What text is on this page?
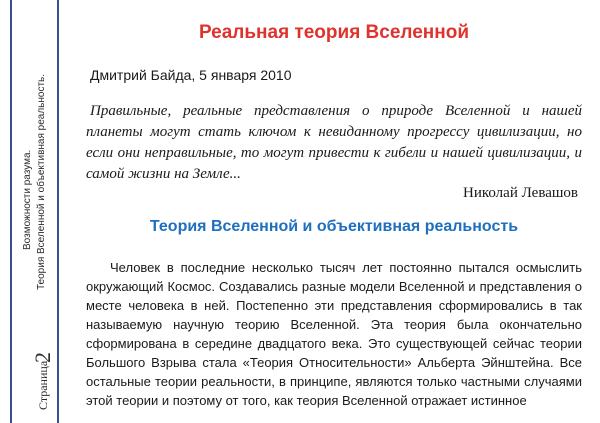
Возможности разума. Теория Вселенной и объективная реальность.
Страница
2
Реальная теория Вселенной
Дмитрий Байда, 5 января 2010

Правильные, реальные представления о природе Вселенной и нашей планеты могут стать ключом к невиданному прогрессу цивилизации, но если они неправильные, то могут привести к гибели и нашей цивилизации, и самой жизни на Земле...

Николай Левашов
Теория Вселенной и объективная реальность

Человек в последние несколько тысяч лет постоянно пытался осмыслить окружающий Космос. Создавались разные модели Вселенной и представления о месте человека в ней. Постепенно эти представления сформировались в так называемую научную теорию Вселенной. Эта теория была окончательно сформирована в середине двадцатого века. Это существующей сейчас теории Большого Взрыва стала «Теория Относительности» Альберта Эйнштейна. Все остальные теории реальности, в принципе, являются только частными случаями этой теории и поэтому от того, как теория Вселенной отражает истинное
